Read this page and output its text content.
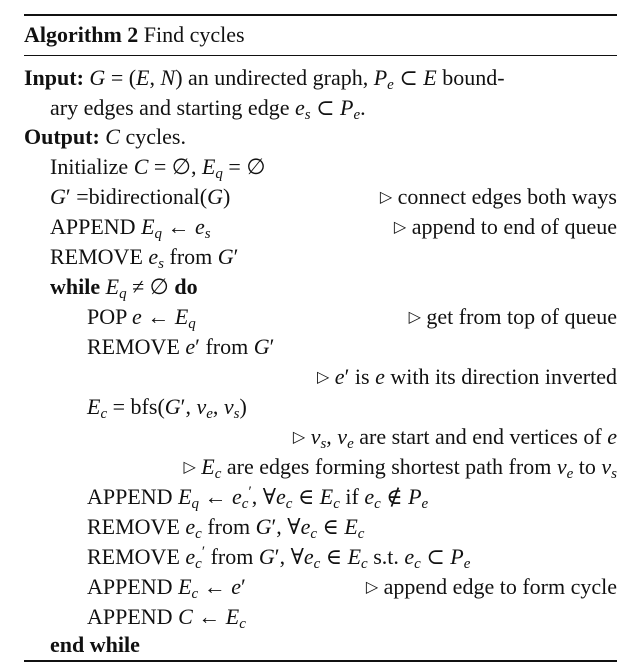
Algorithm 2 Find cycles
Input: G = (E, N) an undirected graph, $P_e$ ⊂ E bound-
ary edges and starting edge $e_s$ ⊂ $P_e$.
Output: C cycles.
Initialize C = ∅, $E_q$ = ∅
G′ =bidirectional(G)	▷ connect edges both ways
APPEND $E_q$ ← $e_s$	▷ append to end of queue
REMOVE $e_s$ from G′
while $E_q$ ≠ ∅ do
POP e ← $E_q$	▷ get from top of queue
REMOVE e′ from G′
▷ e′ is e with its direction inverted
$E_c = bfs(G'$, $v_e$, $v_s$)
▷ $v_s$, $v_e$ are start and end vertices of e
▷ $E_c$ are edges forming shortest path from $v_e$ to $v_s$
APPEND $E_q$ ← $e_c'$, $\forall e_c$ ∈ $E_c$ if $e_c$ ∉ $P_e$
REMOVE $e_c$ from G′, $\forall e_c$ ∈ $E_c$
REMOVE $e_c'$ from G′, $\forall e_c$ ∈ $E_c$ s.t. $e_c$ ⊂ $P_e$
APPEND $E_c$ ← e′	▷ append edge to form cycle
APPEND C ← $E_c$
end while
